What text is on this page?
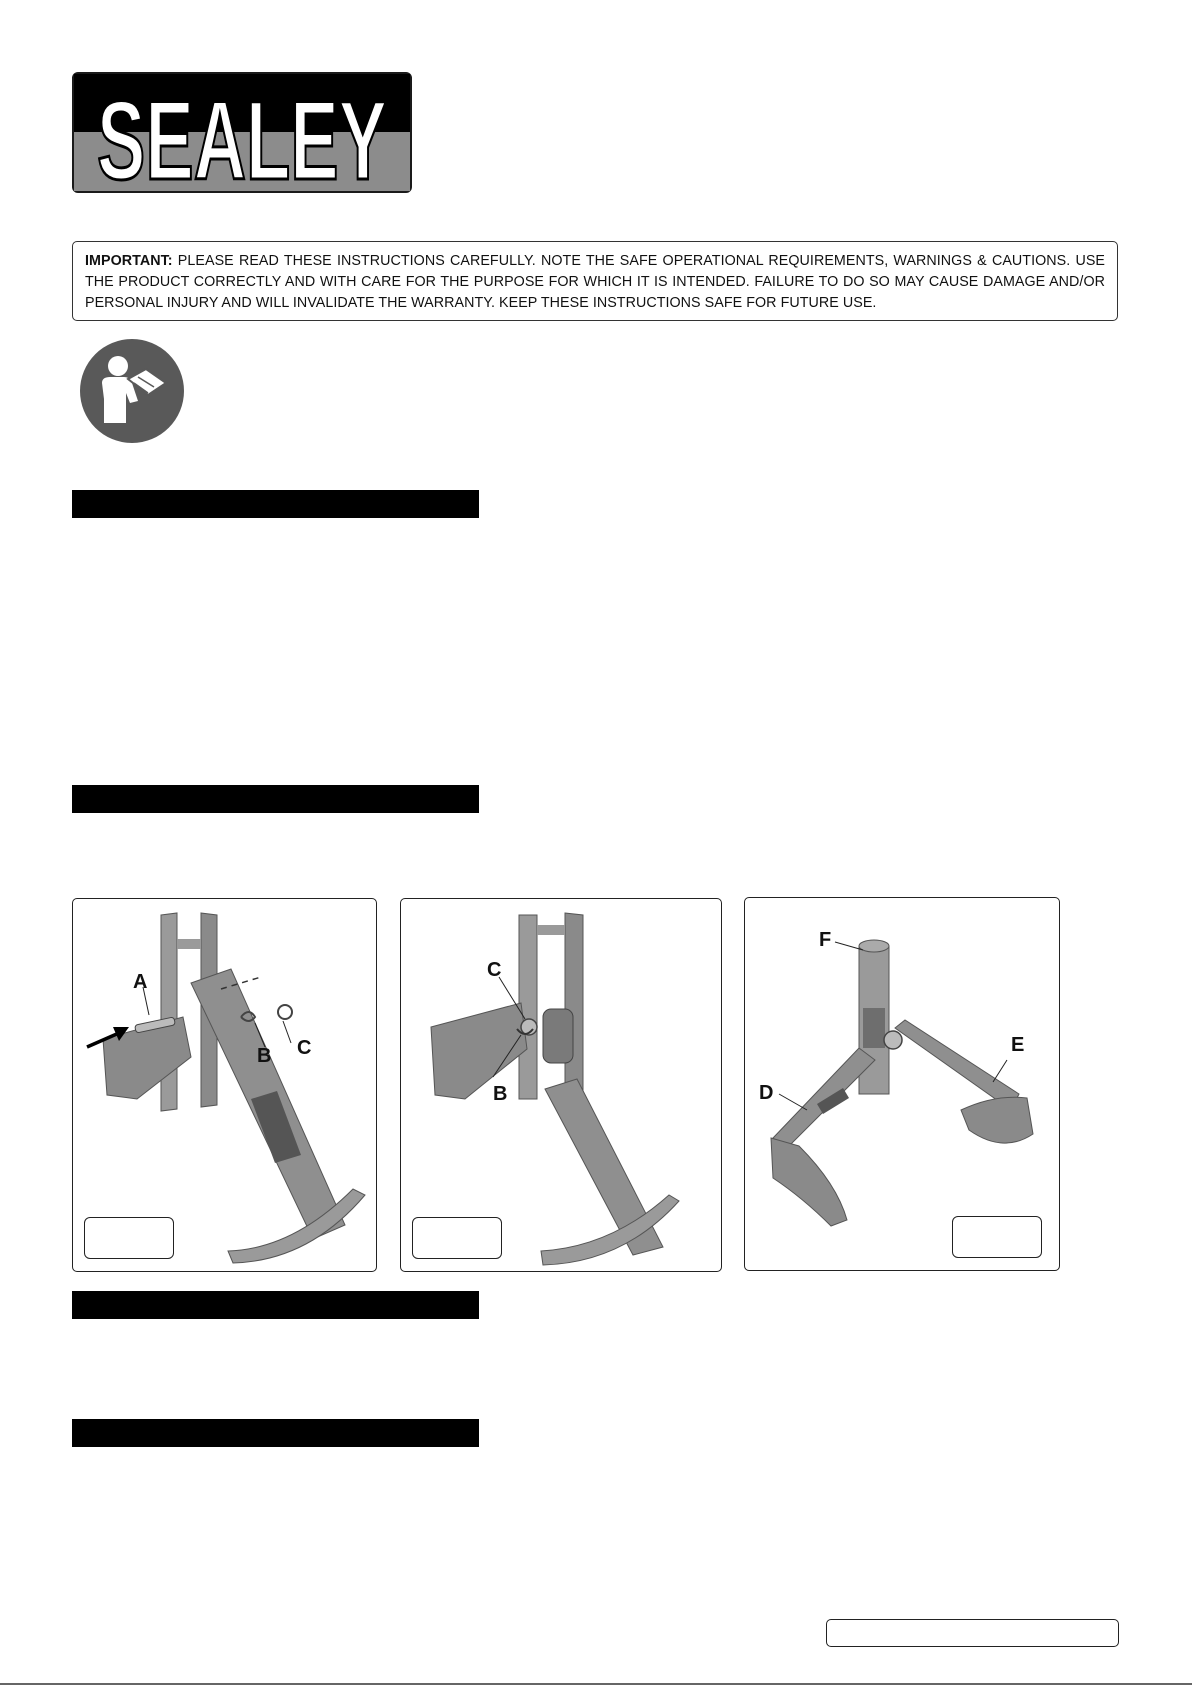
SEALEY
IMPORTANT: PLEASE READ THESE INSTRUCTIONS CAREFULLY. NOTE THE SAFE OPERATIONAL REQUIREMENTS, WARNINGS & CAUTIONS. USE THE PRODUCT CORRECTLY AND WITH CARE FOR THE PURPOSE FOR WHICH IT IS INTENDED. FAILURE TO DO SO MAY CAUSE DAMAGE AND/OR PERSONAL INJURY AND WILL INVALIDATE THE WARRANTY. KEEP THESE INSTRUCTIONS SAFE FOR FUTURE USE.
A
B C
C
B
F
E
D
